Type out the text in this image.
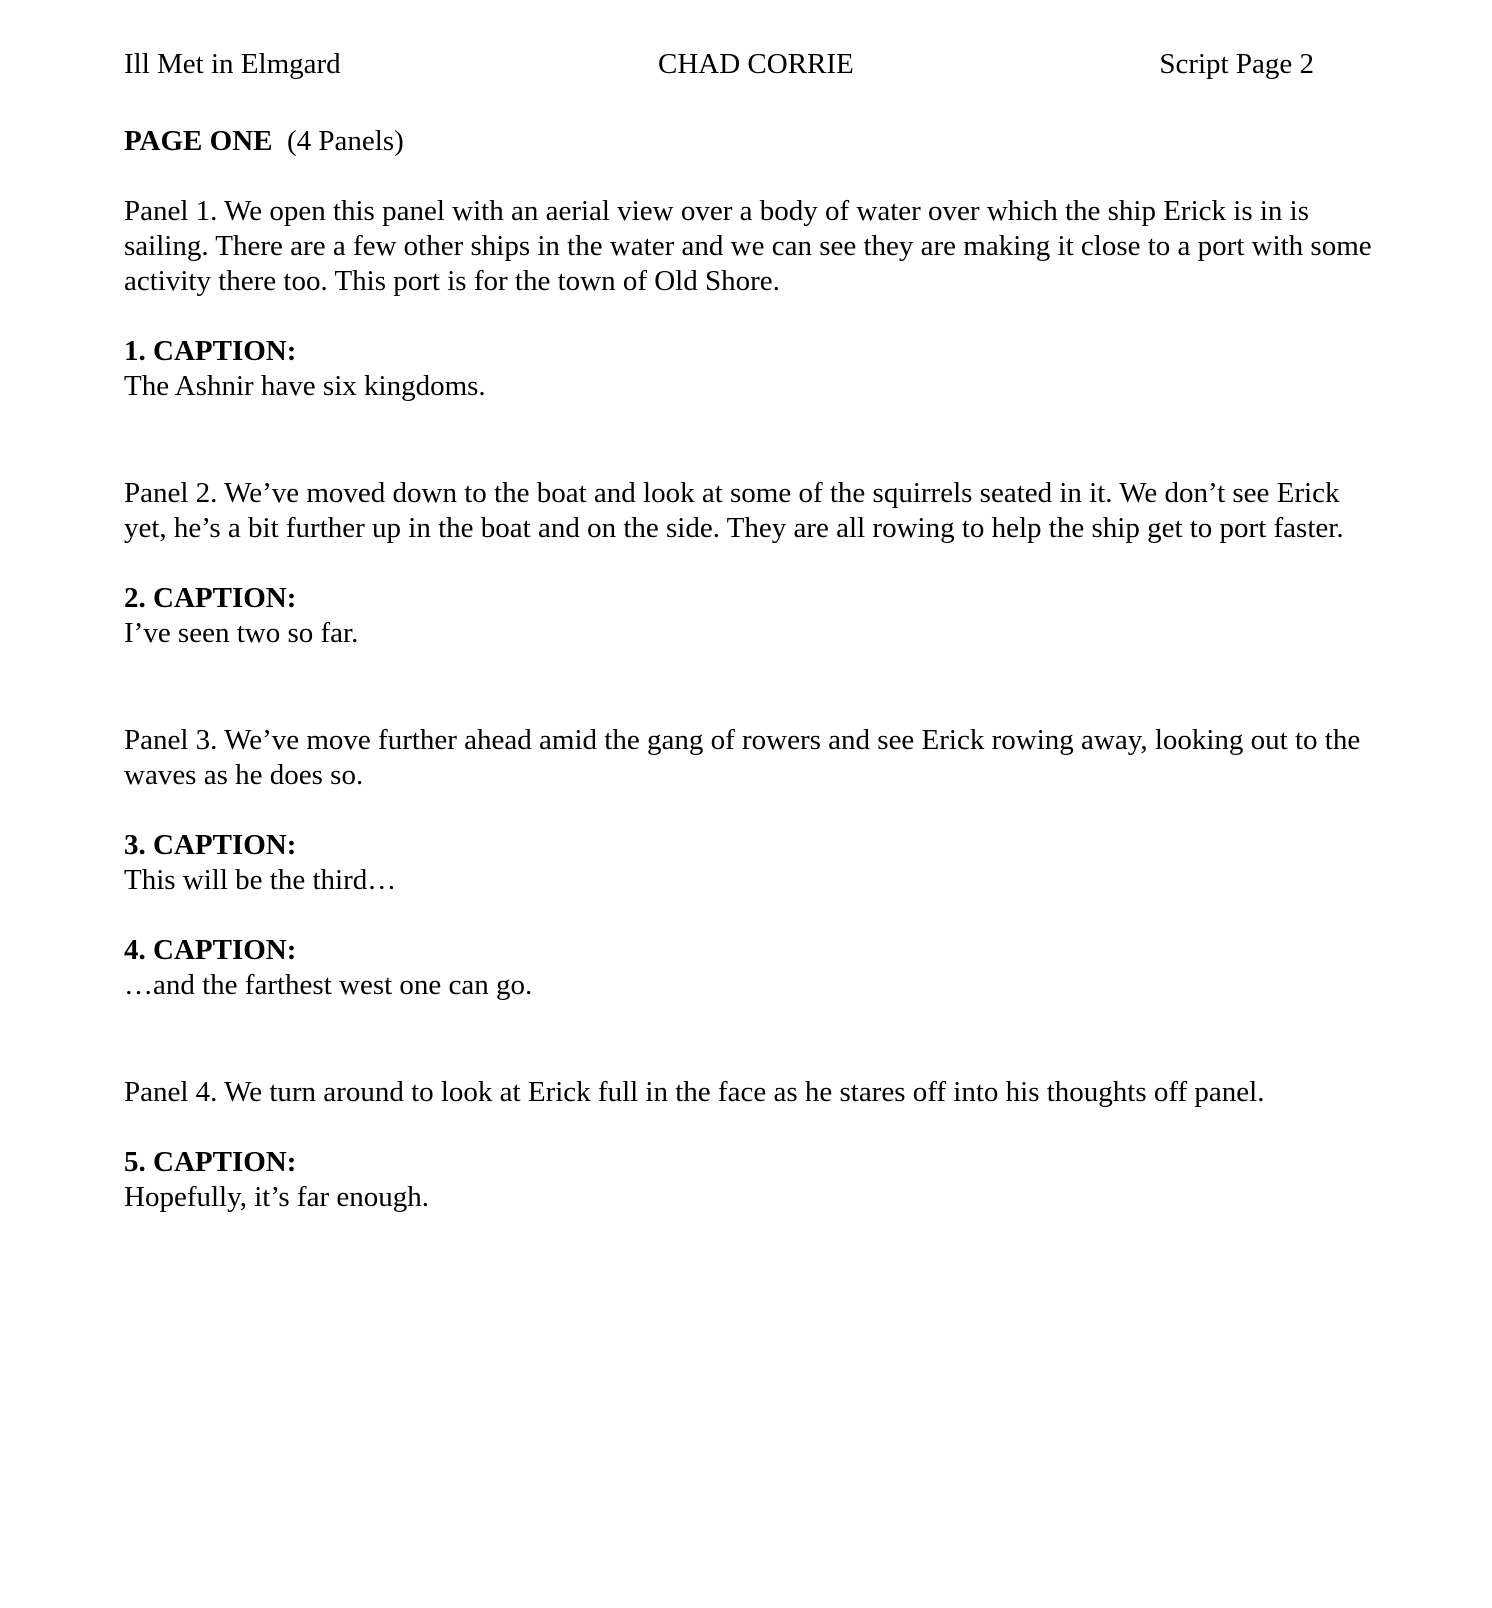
Ill Met in Elmgard	CHAD CORRIE	Script Page 2
PAGE ONE (4 Panels)
Panel 1. We open this panel with an aerial view over a body of water over which the ship Erick is in is sailing. There are a few other ships in the water and we can see they are making it close to a port with some activity there too. This port is for the town of Old Shore.
1. CAPTION:
The Ashnir have six kingdoms.
Panel 2. We’ve moved down to the boat and look at some of the squirrels seated in it. We don’t see Erick yet, he’s a bit further up in the boat and on the side. They are all rowing to help the ship get to port faster.
2. CAPTION:
I’ve seen two so far.
Panel 3. We’ve move further ahead amid the gang of rowers and see Erick rowing away, looking out to the waves as he does so.
3. CAPTION:
This will be the third…
4. CAPTION:
…and the farthest west one can go.
Panel 4. We turn around to look at Erick full in the face as he stares off into his thoughts off panel.
5. CAPTION:
Hopefully, it’s far enough.
